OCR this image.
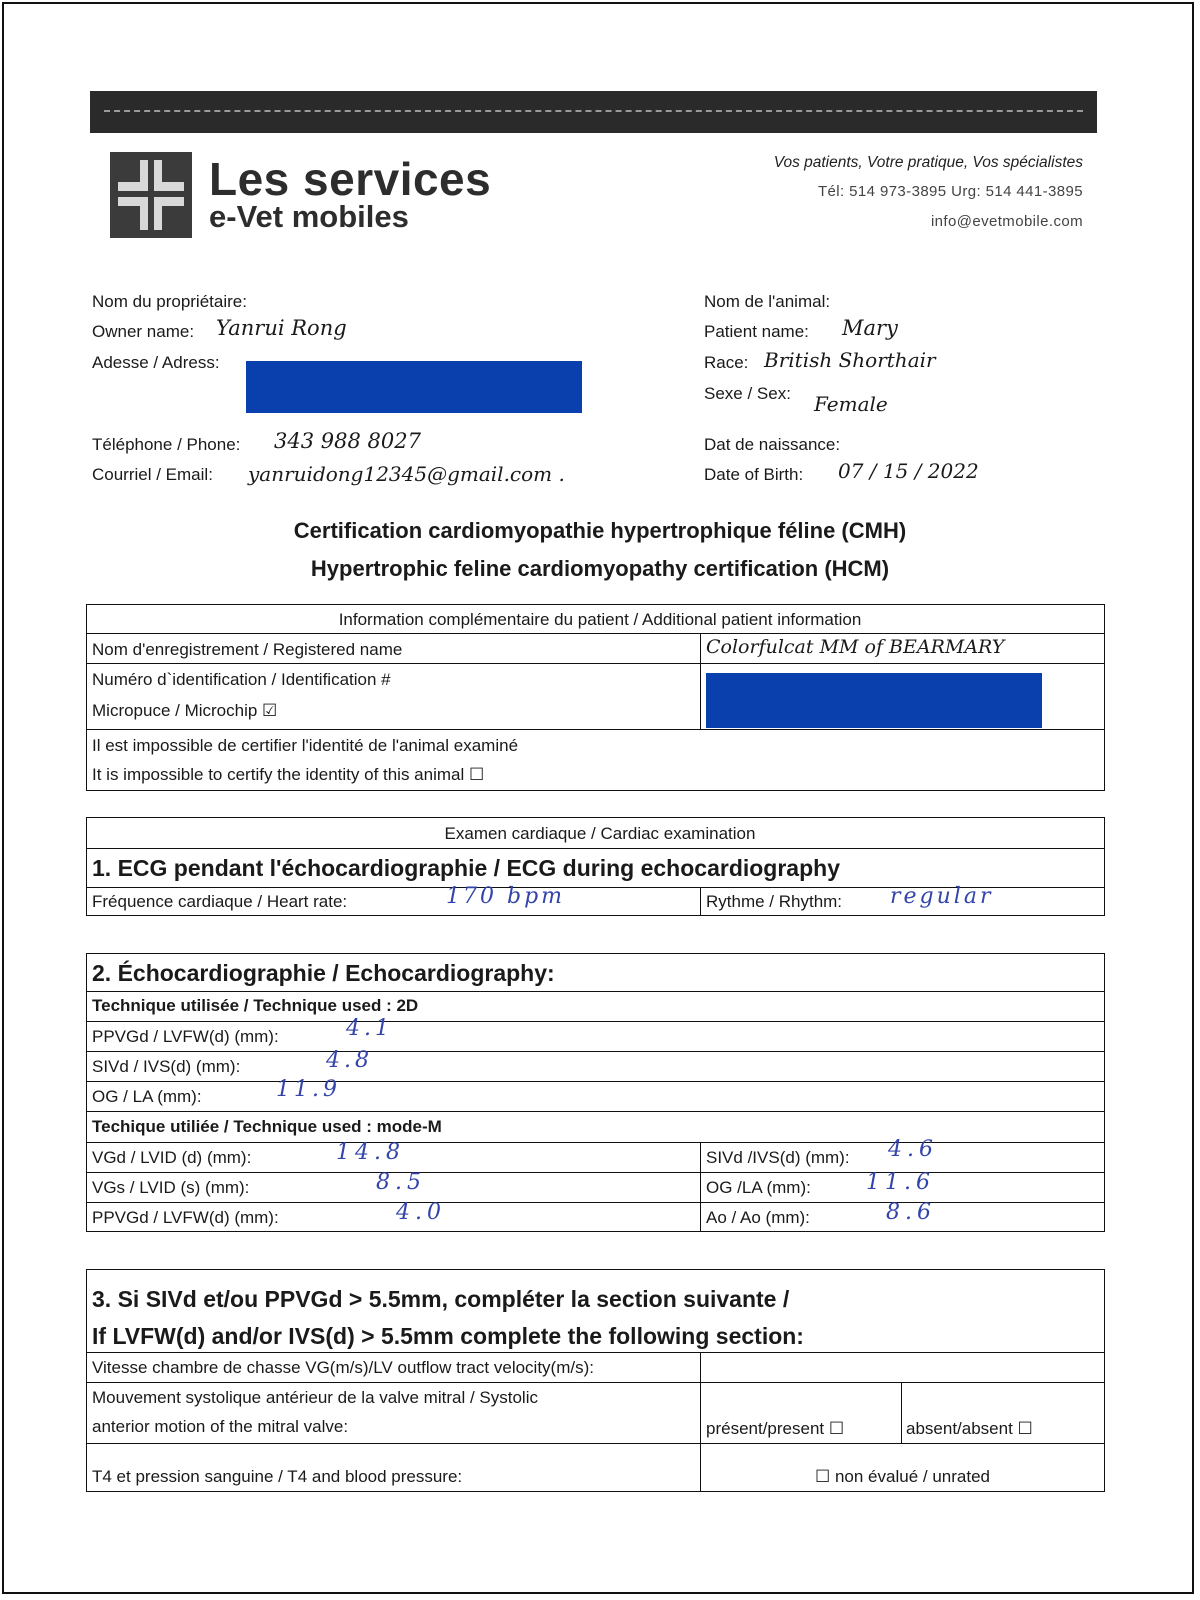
Les services
e-Vet mobiles
Vos patients, Votre pratique, Vos spécialistes
Tél: 514 973-3895 Urg: 514 441-3895
info@evetmobile.com
Nom du propriétaire:
Owner name: Yanrui Rong
Adesse / Adress:
Téléphone / Phone: 343 988 8027
Courriel / Email: yanruidong12345@gmail.com .
Nom de l'animal:
Patient name: Mary
Race: British Shorthair
Sexe / Sex: Female
Dat de naissance:
Date of Birth: 07 / 15 / 2022
Certification cardiomyopathie hypertrophique féline (CMH)
Hypertrophic feline cardiomyopathy certification (HCM)
Information complémentaire du patient / Additional patient information
Nom d'enregistrement / Registered name	Colorfulcat MM of BEARMARY
Numéro d`identification / Identification #
Micropuce / Microchip ☑
Il est impossible de certifier l'identité de l'animal examiné
It is impossible to certify the identity of this animal ☐
Examen cardiaque / Cardiac examination
1. ECG pendant l'échocardiographie / ECG during echocardiography
Fréquence cardiaque / Heart rate:	170 bpm	Rythme / Rhythm: regular
2. Échocardiographie / Echocardiography:
Technique utilisée / Technique used : 2D
PPVGd / LVFW(d) (mm):	4.1
SIVd / IVS(d) (mm):	4.8
OG / LA (mm):	11.9
Techique utiliée / Technique used : mode-M
VGd / LVID (d) (mm):	14.8	SIVd /IVS(d) (mm): 4.6
VGs / LVID (s) (mm):	8.5	OG /LA (mm):	11.6
PPVGd / LVFW(d) (mm):	4.0	Ao / Ao (mm):	8.6
3. Si SIVd et/ou PPVGd > 5.5mm, compléter la section suivante /
If LVFW(d) and/or IVS(d) > 5.5mm complete the following section:
Vitesse chambre de chasse VG(m/s)/LV outflow tract velocity(m/s):
Mouvement systolique antérieur de la valve mitral / Systolic
anterior motion of the mitral valve:	présent/present ☐	absent/absent ☐
T4 et pression sanguine / T4 and blood pressure:	☐ non évalué / unrated
